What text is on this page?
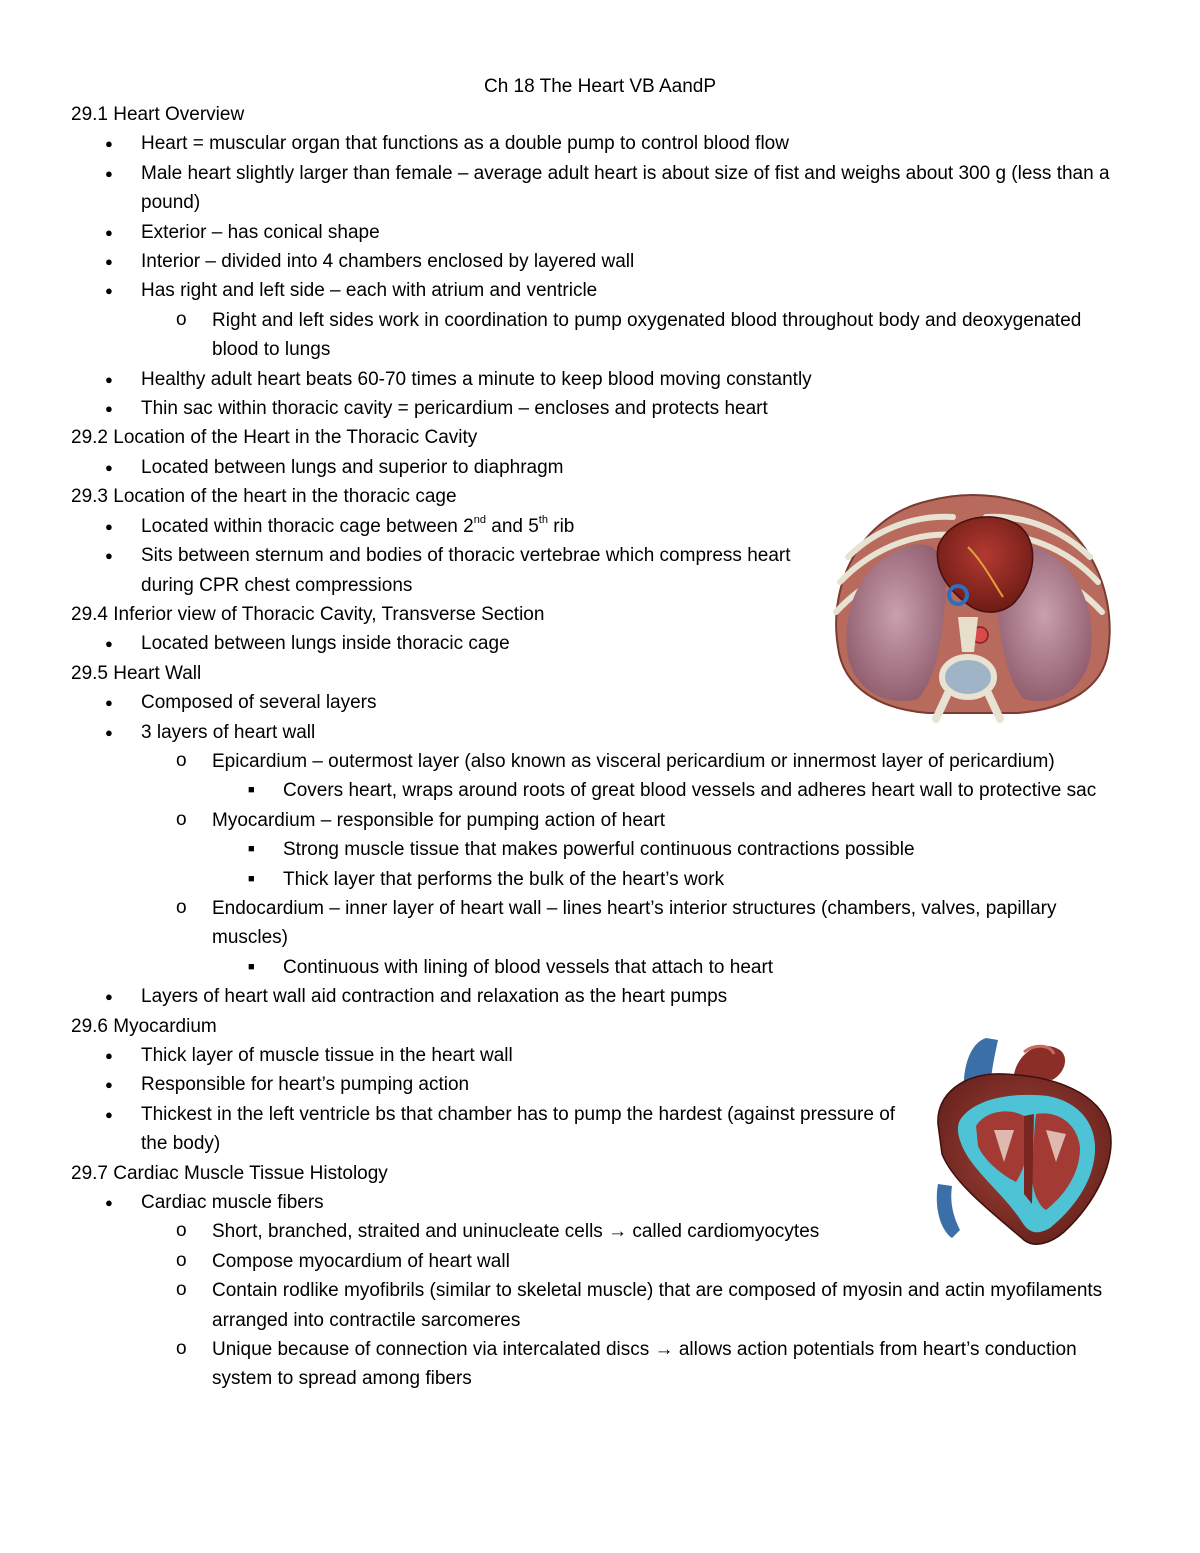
Ch 18 The Heart VB AandP
29.1 Heart Overview
● Heart = muscular organ that functions as a double pump to control blood flow
● Male heart slightly larger than female – average adult heart is about size of fist and weighs about 300 g (less than a pound)
● Exterior – has conical shape
● Interior – divided into 4 chambers enclosed by layered wall
● Has right and left side – each with atrium and ventricle
o Right and left sides work in coordination to pump oxygenated blood throughout body and deoxygenated blood to lungs
● Healthy adult heart beats 60-70 times a minute to keep blood moving constantly
● Thin sac within thoracic cavity = pericardium – encloses and protects heart
29.2 Location of the Heart in the Thoracic Cavity
● Located between lungs and superior to diaphragm
29.3 Location of the heart in the thoracic cage
● Located within thoracic cage between 2nd and 5th rib
● Sits between sternum and bodies of thoracic vertebrae which compress heart during CPR chest compressions
29.4 Inferior view of Thoracic Cavity, Transverse Section
● Located between lungs inside thoracic cage
29.5 Heart Wall
● Composed of several layers
● 3 layers of heart wall
o Epicardium – outermost layer (also known as visceral pericardium or innermost layer of pericardium)
■ Covers heart, wraps around roots of great blood vessels and adheres heart wall to protective sac
o Myocardium – responsible for pumping action of heart
■ Strong muscle tissue that makes powerful continuous contractions possible
■ Thick layer that performs the bulk of the heart’s work
o Endocardium – inner layer of heart wall – lines heart’s interior structures (chambers, valves, papillary muscles)
■ Continuous with lining of blood vessels that attach to heart
● Layers of heart wall aid contraction and relaxation as the heart pumps
29.6 Myocardium
● Thick layer of muscle tissue in the heart wall
● Responsible for heart’s pumping action
● Thickest in the left ventricle bs that chamber has to pump the hardest (against pressure of the body)
29.7 Cardiac Muscle Tissue Histology
● Cardiac muscle fibers
o Short, branched, straited and uninucleate cells → called cardiomyocytes
o Compose myocardium of heart wall
o Contain rodlike myofibrils (similar to skeletal muscle) that are composed of myosin and actin myofilaments arranged into contractile sarcomeres
o Unique because of connection via intercalated discs → allows action potentials from heart’s conduction system to spread among fibers
